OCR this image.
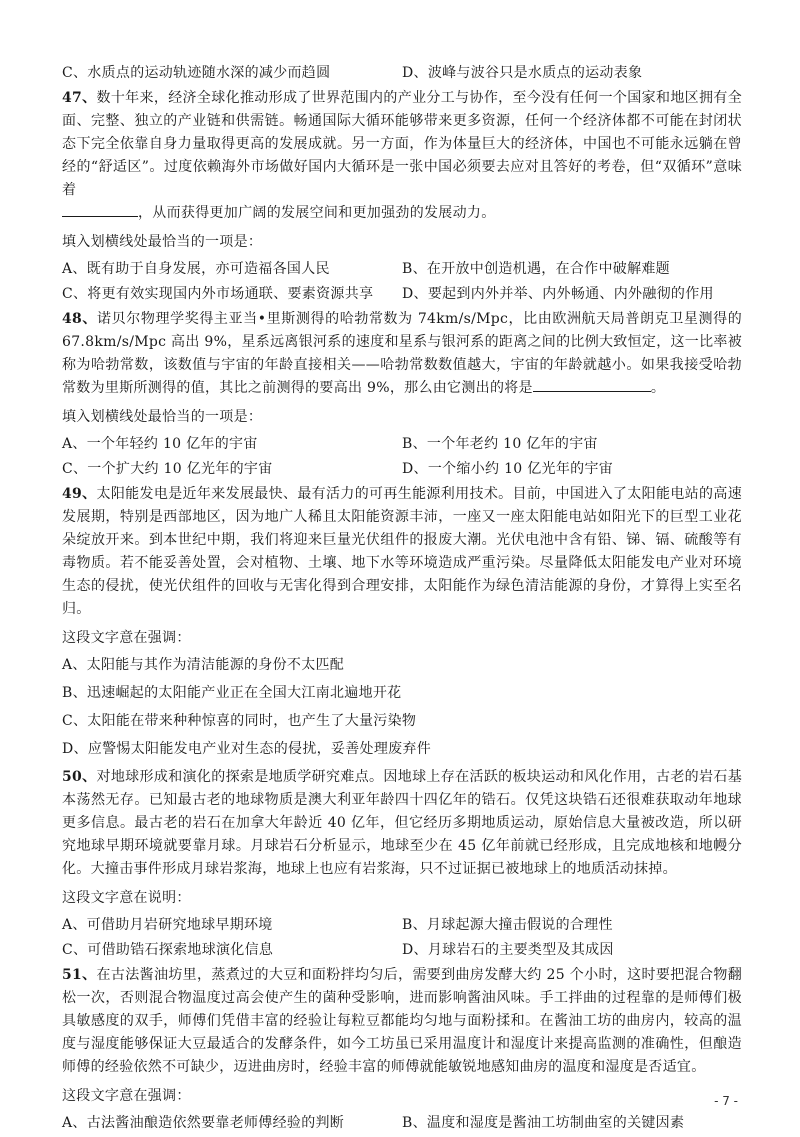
C、水质点的运动轨迹随水深的减少而趋圆	D、波峰与波谷只是水质点的运动表象

47、数十年来，经济全球化推动形成了世界范围内的产业分工与协作，至今没有任何一个国家和地区拥有全面、完整、独立的产业链和供需链。畅通国际大循环能够带来更多资源，任何一个经济体都不可能在封闭状态下完全依靠自身力量取得更高的发展成就。另一方面，作为体量巨大的经济体，中国也不可能永远躺在曾经的“舒适区”。过度依赖海外市场做好国内大循环是一张中国必须要去应对且答好的考卷，但“双循环”意味着
，从而获得更加广阔的发展空间和更加强劲的发展动力。

填入划横线处最恰当的一项是：

A、既有助于自身发展，亦可造福各国人民	B、在开放中创造机遇，在合作中破解难题
C、将更有效实现国内外市场通联、要素资源共享	D、要起到内外并举、内外畅通、内外融彻的作用

48、诺贝尔物理学奖得主亚当•里斯测得的哈勃常数为 74km/s/Mpc，比由欧洲航天局普朗克卫星测得的 67.8km/s/Mpc 高出 9%，星系远离银河系的速度和星系与银河系的距离之间的比例大致恒定，这一比率被称为哈勃常数，该数值与宇宙的年龄直接相关——哈勃常数数值越大，宇宙的年龄就越小。如果我接受哈勃常数为里斯所测得的值，其比之前测得的要高出 9%，那么由它测出的将是	。

填入划横线处最恰当的一项是：

A、一个年轻约 10 亿年的宇宙	B、一个年老约 10 亿年的宇宙
C、一个扩大约 10 亿光年的宇宙	D、一个缩小约 10 亿光年的宇宙

49、太阳能发电是近年来发展最快、最有活力的可再生能源利用技术。目前，中国进入了太阳能电站的高速发展期，特别是西部地区，因为地广人稀且太阳能资源丰沛，一座又一座太阳能电站如阳光下的巨型工业花朵绽放开来。到本世纪中期，我们将迎来巨量光伏组件的报废大潮。光伏电池中含有铅、锑、镉、硫酸等有毒物质。若不能妥善处置，会对植物、土壤、地下水等环境造成严重污染。尽量降低太阳能发电产业对环境生态的侵扰，使光伏组件的回收与无害化得到合理安排，太阳能作为绿色清洁能源的身份，才算得上实至名归。

这段文字意在强调：

A、太阳能与其作为清洁能源的身份不太匹配
B、迅速崛起的太阳能产业正在全国大江南北遍地开花
C、太阳能在带来种种惊喜的同时，也产生了大量污染物
D、应警惕太阳能发电产业对生态的侵扰，妥善处理废弃件

50、对地球形成和演化的探索是地质学研究难点。因地球上存在活跃的板块运动和风化作用，古老的岩石基本荡然无存。已知最古老的地球物质是澳大利亚年龄四十四亿年的锆石。仅凭这块锆石还很难获取动年地球更多信息。最古老的岩石在加拿大年龄近 40 亿年，但它经历多期地质运动，原始信息大量被改造，所以研究地球早期环境就要靠月球。月球岩石分析显示，地球至少在 45 亿年前就已经形成，且完成地核和地幔分化。大撞击事件形成月球岩浆海，地球上也应有岩浆海，只不过证据已被地球上的地质活动抹掉。

这段文字意在说明：

A、可借助月岩研究地球早期环境	B、月球起源大撞击假说的合理性
C、可借助锆石探索地球演化信息	D、月球岩石的主要类型及其成因

51、在古法酱油坊里，蒸煮过的大豆和面粉拌均匀后，需要到曲房发酵大约 25 个小时，这时要把混合物翻松一次，否则混合物温度过高会使产生的菌种受影响，进而影响酱油风味。手工拌曲的过程靠的是师傅们极具敏感度的双手，师傅们凭借丰富的经验让每粒豆都能均匀地与面粉揉和。在酱油工坊的曲房内，较高的温度与湿度能够保证大豆最适合的发酵条件，如今工坊虽已采用温度计和湿度计来提高监测的准确性，但酿造师傅的经验依然不可缺少，迈进曲房时，经验丰富的师傅就能敏锐地感知曲房的温度和湿度是否适宜。

这段文字意在强调：

A、古法酱油酿造依然要靠老师傅经验的判断	B、温度和湿度是酱油工坊制曲室的关键因素
- 7 -
